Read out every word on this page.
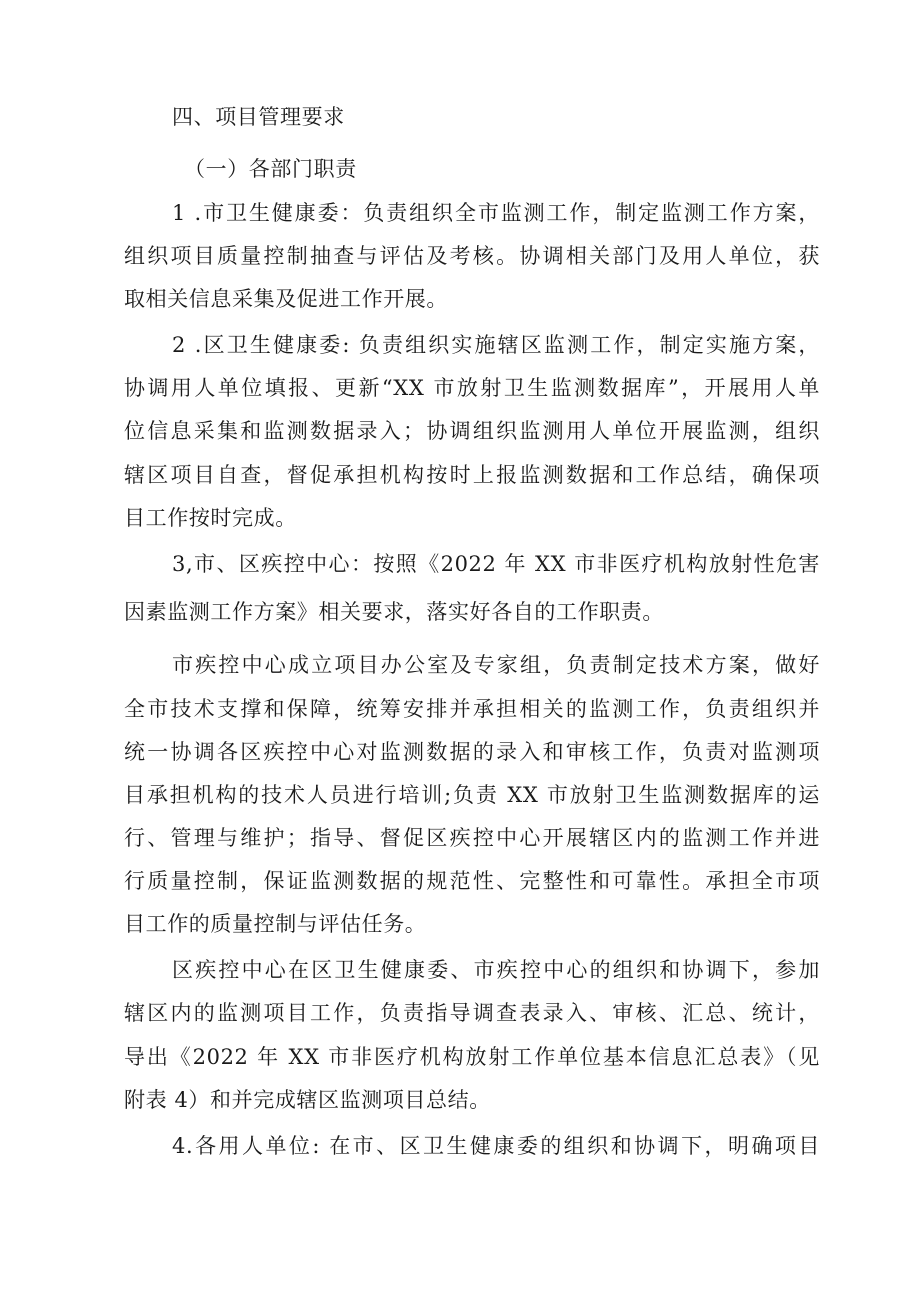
四、项目管理要求

（一）各部门职责

1 .市卫生健康委：负责组织全市监测工作，制定监测工作方案，

组织项目质量控制抽查与评估及考核。协调相关部门及用人单位，获

取相关信息采集及促进工作开展。

2 .区卫生健康委: 负责组织实施辖区监测工作，制定实施方案，

协调用人单位填报、更新“XX 市放射卫生监测数据库”，开展用人单

位信息采集和监测数据录入；协调组织监测用人单位开展监测，组织

辖区项目自查，督促承担机构按时上报监测数据和工作总结，确保项

目工作按时完成。

3,市、区疾控中心：按照《2022 年 XX 市非医疗机构放射性危害

因素监测工作方案》相关要求，落实好各自的工作职责。

市疾控中心成立项目办公室及专家组，负责制定技术方案，做好

全市技术支撑和保障，统筹安排并承担相关的监测工作，负责组织并

统一协调各区疾控中心对监测数据的录入和审核工作，负责对监测项

目承担机构的技术人员进行培训;负责 XX 市放射卫生监测数据库的运

行、管理与维护；指导、督促区疾控中心开展辖区内的监测工作并进

行质量控制，保证监测数据的规范性、完整性和可靠性。承担全市项

目工作的质量控制与评估任务。

区疾控中心在区卫生健康委、市疾控中心的组织和协调下，参加

辖区内的监测项目工作，负责指导调查表录入、审核、汇总、统计，

导出《2022 年 XX 市非医疗机构放射工作单位基本信息汇总表》（见

附表 4）和并完成辖区监测项目总结。

4.各用人单位: 在市、区卫生健康委的组织和协调下，明确项目
